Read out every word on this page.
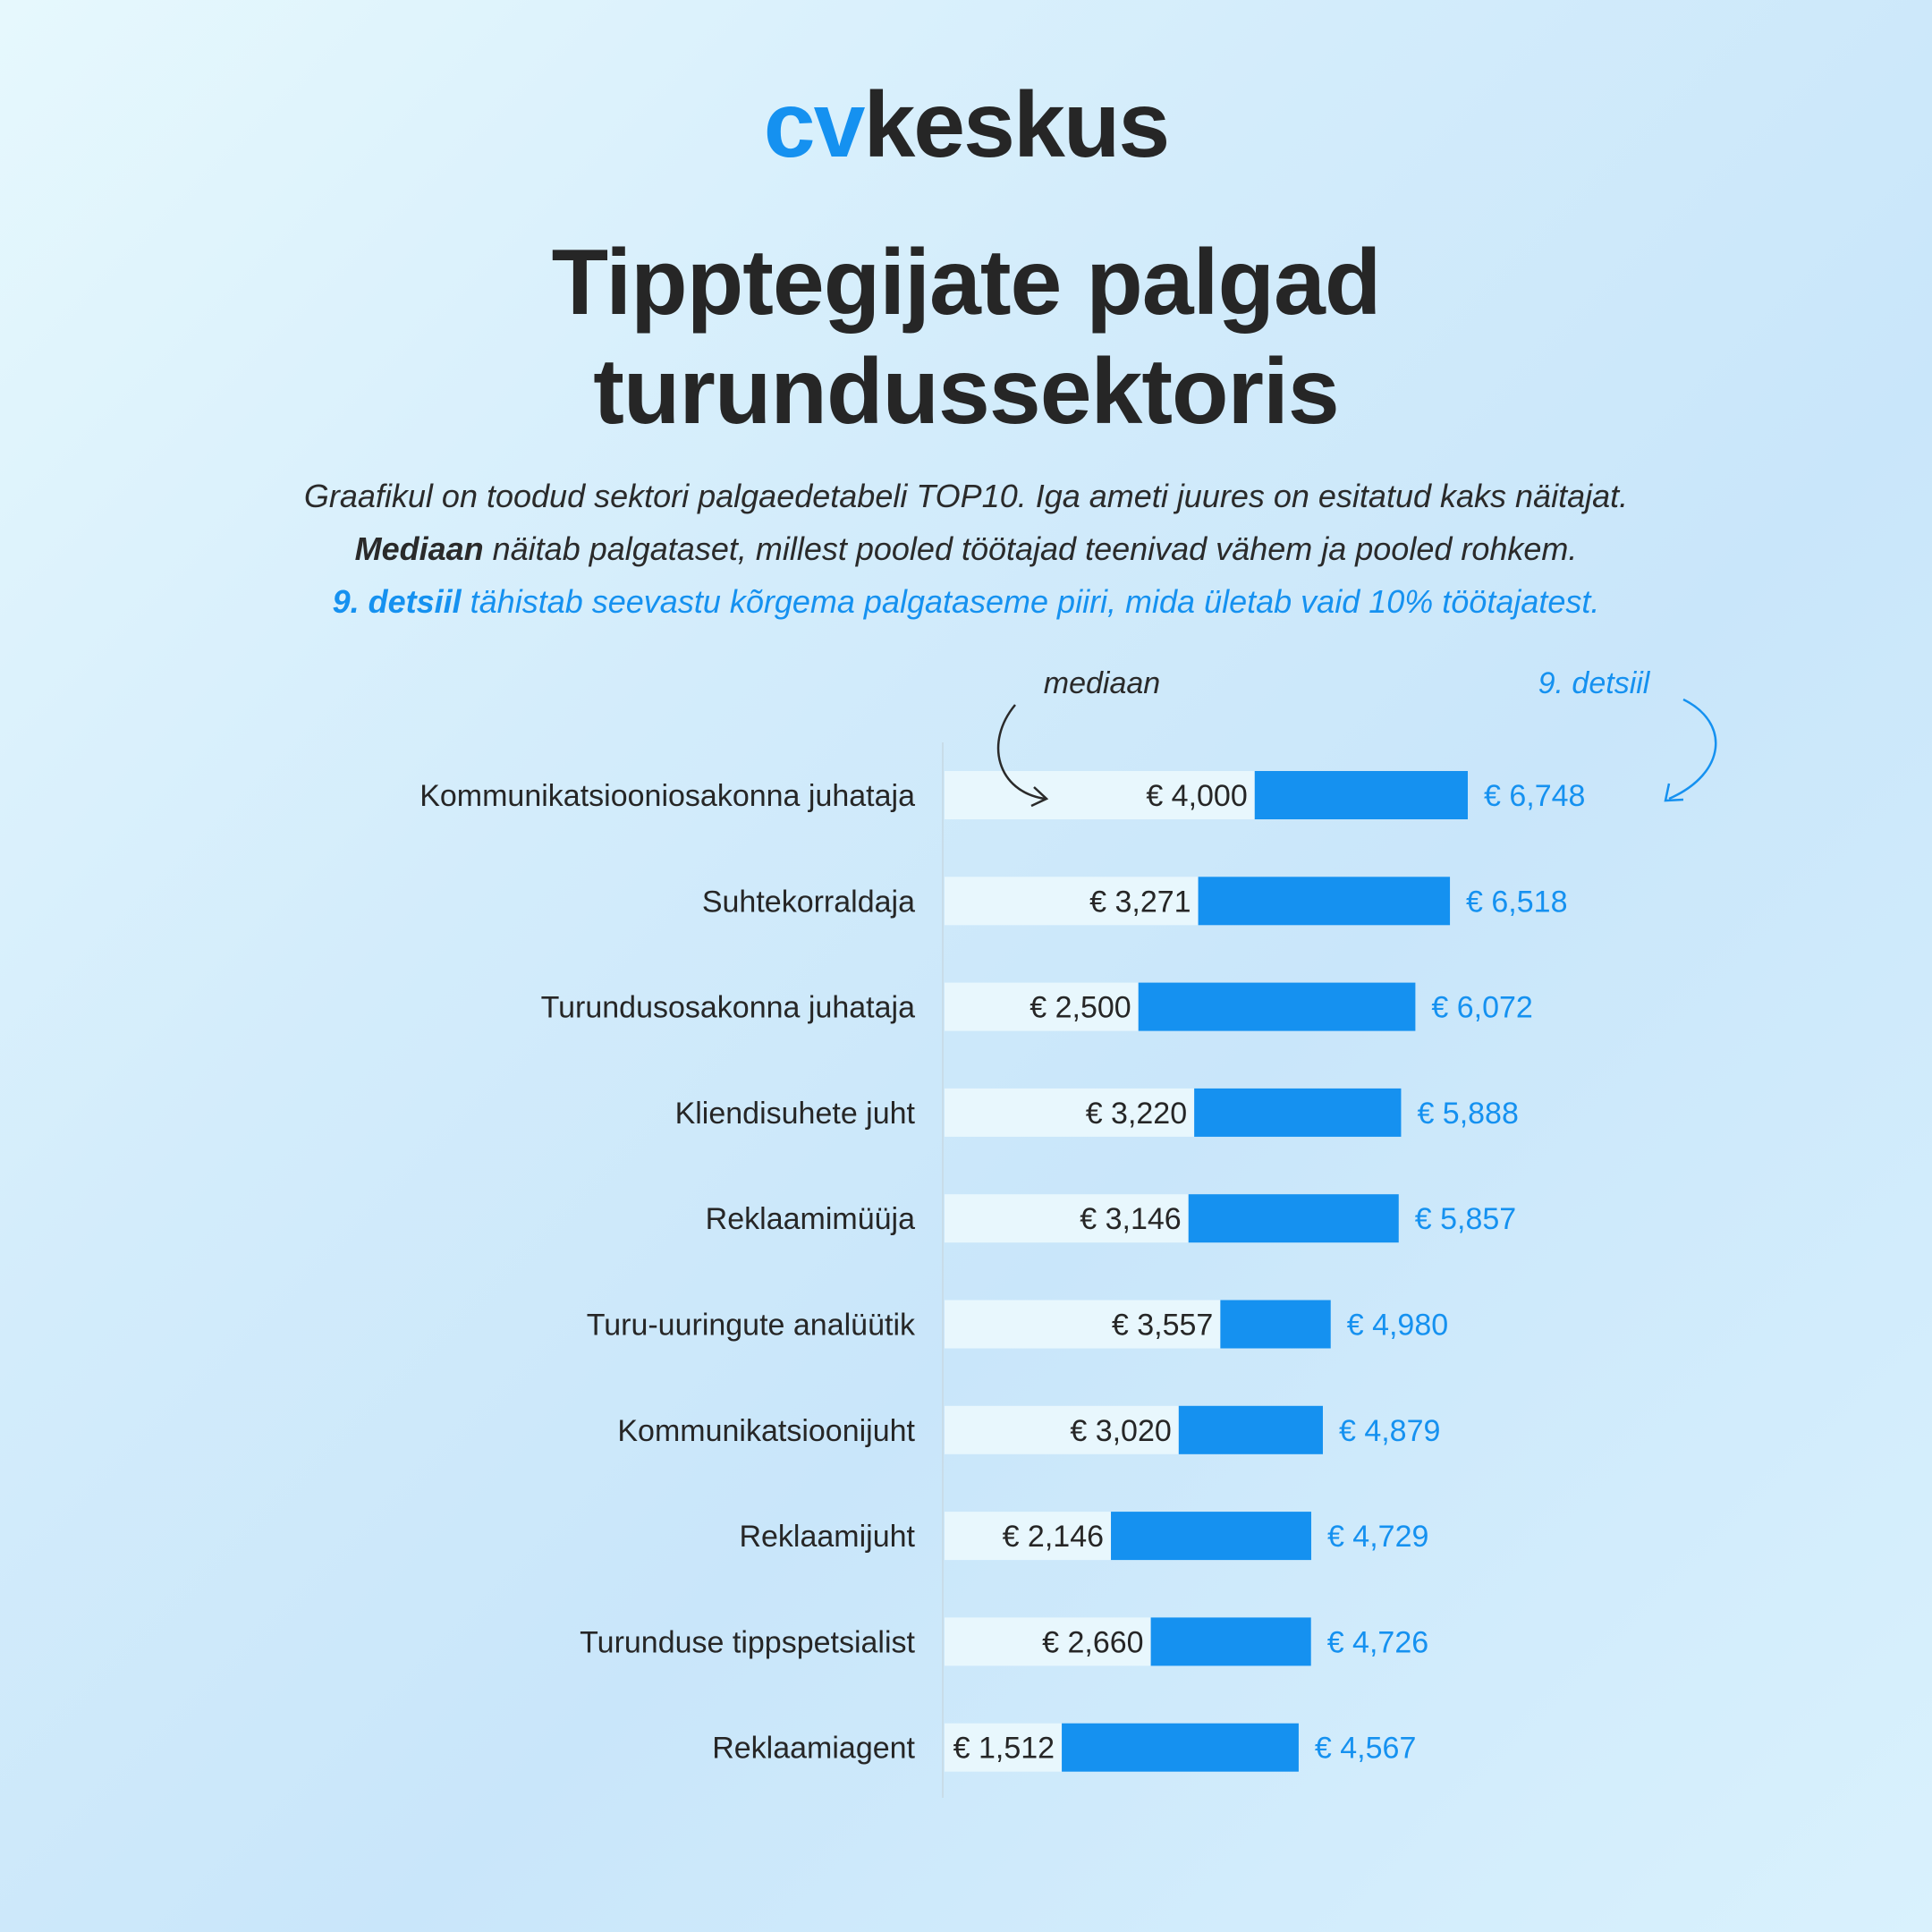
cvkeskus
Tipptegijate palgad
turundussektoris
Graafikul on toodud sektori palgaedetabeli TOP10. Iga ameti juures on esitatud kaks näitajat.
Mediaan näitab palgataset, millest pooled töötajad teenivad vähem ja pooled rohkem.
9. detsiil tähistab seevastu kõrgema palgataseme piiri, mida ületab vaid 10% töötajatest.
Kommunikatsiooniosakonna juhataja	€ 4,000	€ 6,748
Suhtekorraldaja	€ 3,271	€ 6,518
Turundusosakonna juhataja	€ 2,500	€ 6,072
Kliendisuhete juht	€ 3,220	€ 5,888
Reklaamimüüja	€ 3,146	€ 5,857
Turu-uuringute analüütik	€ 3,557	€ 4,980
Kommunikatsioonijuht	€ 3,020	€ 4,879
Reklaamijuht	€ 2,146	€ 4,729
Turunduse tippspetsialist	€ 2,660	€ 4,726
Reklaamiagent € 1,512	€ 4,567
mediaan	9. detsiil
